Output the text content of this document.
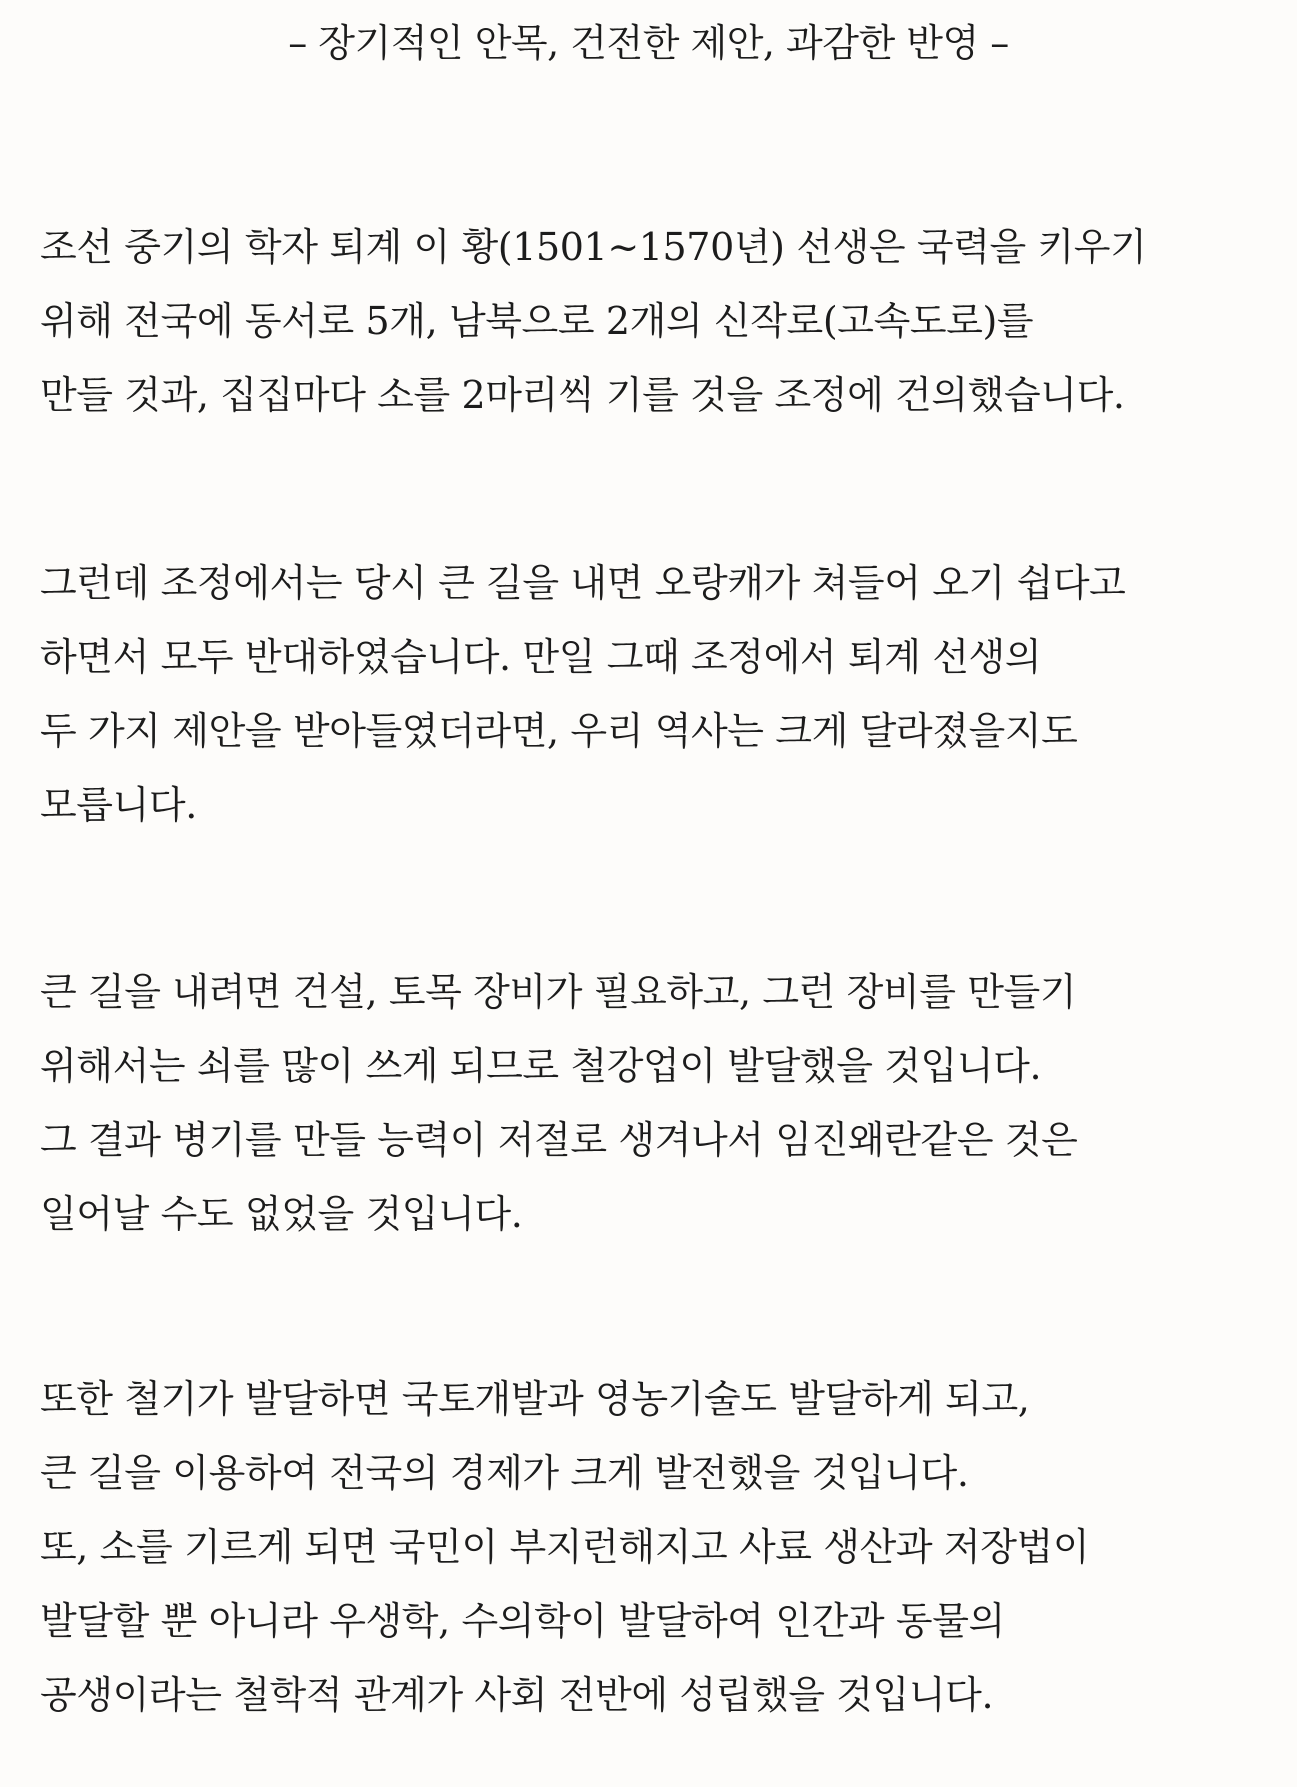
– 장기적인 안목, 건전한 제안, 과감한 반영 –
조선 중기의 학자 퇴계 이 황(1501~1570년) 선생은 국력을 키우기
위해 전국에 동서로 5개, 남북으로 2개의 신작로(고속도로)를
만들 것과, 집집마다 소를 2마리씩 기를 것을 조정에 건의했습니다.
그런데 조정에서는 당시 큰 길을 내면 오랑캐가 쳐들어 오기 쉽다고
하면서 모두 반대하였습니다. 만일 그때 조정에서 퇴계 선생의
두 가지 제안을 받아들였더라면, 우리 역사는 크게 달라졌을지도
모릅니다.
큰 길을 내려면 건설, 토목 장비가 필요하고, 그런 장비를 만들기
위해서는 쇠를 많이 쓰게 되므로 철강업이 발달했을 것입니다.
그 결과 병기를 만들 능력이 저절로 생겨나서 임진왜란같은 것은
일어날 수도 없었을 것입니다.
또한 철기가 발달하면 국토개발과 영농기술도 발달하게 되고,
큰 길을 이용하여 전국의 경제가 크게 발전했을 것입니다.
또, 소를 기르게 되면 국민이 부지런해지고 사료 생산과 저장법이
발달할 뿐 아니라 우생학, 수의학이 발달하여 인간과 동물의
공생이라는 철학적 관계가 사회 전반에 성립했을 것입니다.
